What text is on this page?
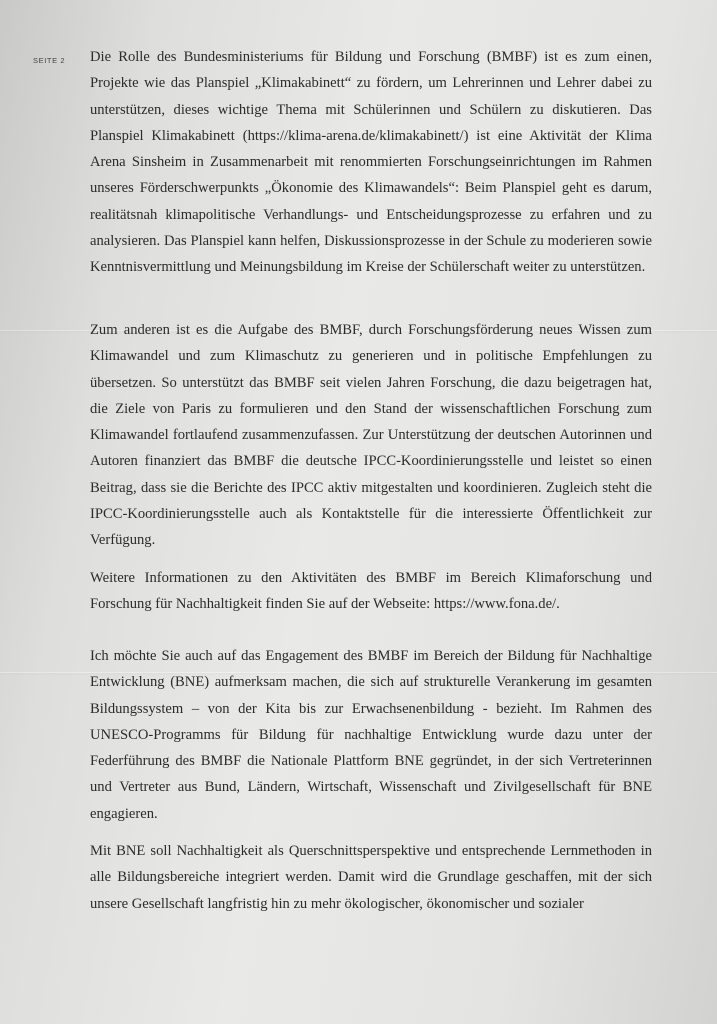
SEITE 2 Die Rolle des Bundesministeriums für Bildung und Forschung (BMBF) ist es zum einen, Projekte wie das Planspiel „Klimakabinett“ zu fördern, um Lehrerinnen und Lehrer dabei zu unterstützen, dieses wichtige Thema mit Schülerinnen und Schülern zu diskutieren. Das Planspiel Klimakabinett (https://klima-arena.de/klimakabinett/) ist eine Aktivität der Klima Arena Sinsheim in Zusammenarbeit mit renommierten Forschungseinrichtungen im Rahmen unseres Förderschwerpunkts „Ökonomie des Klimawandels“: Beim Planspiel geht es darum, realitätsnah klimapolitische Verhandlungs- und Entscheidungsprozesse zu erfahren und zu analysieren. Das Planspiel kann helfen, Diskussionsprozesse in der Schule zu moderieren sowie Kenntnisvermittlung und Meinungsbildung im Kreise der Schülerschaft weiter zu unterstützen.
Zum anderen ist es die Aufgabe des BMBF, durch Forschungsförderung neues Wissen zum Klimawandel und zum Klimaschutz zu generieren und in politische Empfehlungen zu übersetzen. So unterstützt das BMBF seit vielen Jahren Forschung, die dazu beigetragen hat, die Ziele von Paris zu formulieren und den Stand der wissenschaftlichen Forschung zum Klimawandel fortlaufend zusammenzufassen. Zur Unterstützung der deutschen Autorinnen und Autoren finanziert das BMBF die deutsche IPCC-Koordinierungsstelle und leistet so einen Beitrag, dass sie die Berichte des IPCC aktiv mitgestalten und koordinieren. Zugleich steht die IPCC-Koordinierungsstelle auch als Kontaktstelle für die interessierte Öffentlichkeit zur Verfügung.
Weitere Informationen zu den Aktivitäten des BMBF im Bereich Klimaforschung und Forschung für Nachhaltigkeit finden Sie auf der Webseite: https://www.fona.de/.
Ich möchte Sie auch auf das Engagement des BMBF im Bereich der Bildung für Nachhaltige Entwicklung (BNE) aufmerksam machen, die sich auf strukturelle Verankerung im gesamten Bildungssystem – von der Kita bis zur Erwachsenenbildung - bezieht. Im Rahmen des UNESCO-Programms für Bildung für nachhaltige Entwicklung wurde dazu unter der Federführung des BMBF die Nationale Plattform BNE gegründet, in der sich Vertreterinnen und Vertreter aus Bund, Ländern, Wirtschaft, Wissenschaft und Zivilgesellschaft für BNE engagieren.
Mit BNE soll Nachhaltigkeit als Querschnittsperspektive und entsprechende Lernmethoden in alle Bildungsbereiche integriert werden. Damit wird die Grundlage geschaffen, mit der sich unsere Gesellschaft langfristig hin zu mehr ökologischer, ökonomischer und sozialer
